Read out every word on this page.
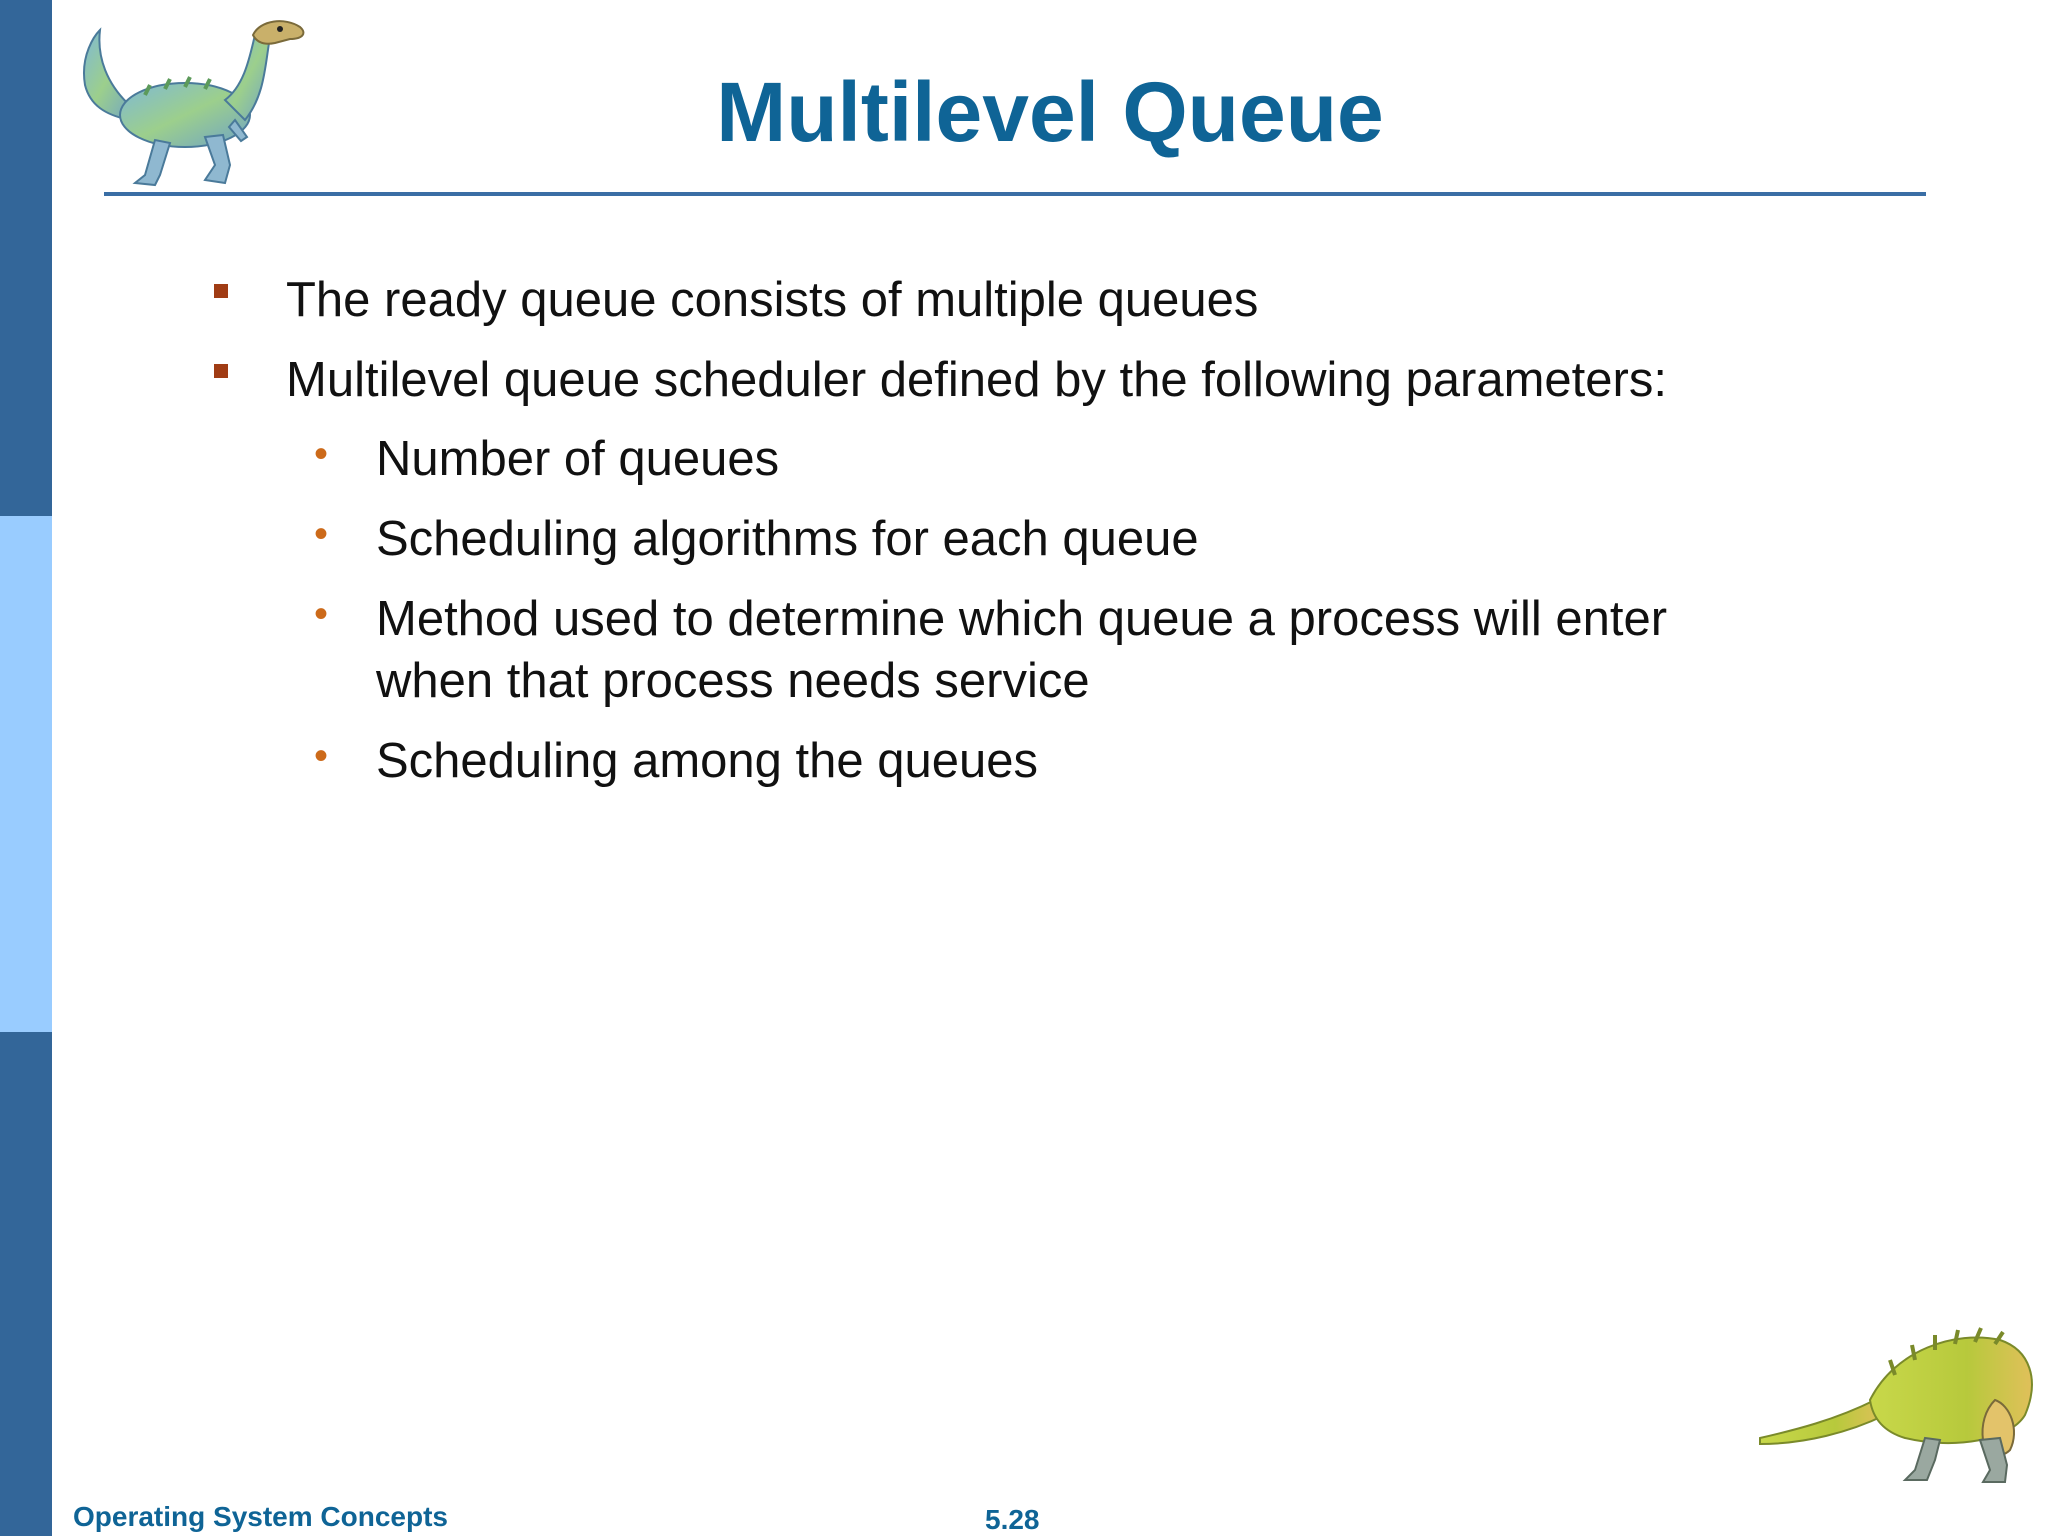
Multilevel Queue
The ready queue consists of multiple queues
Multilevel queue scheduler defined by the following parameters:
• Number of queues
• Scheduling algorithms for each queue
• Method used to determine which queue a process will enter when that process needs service
• Scheduling among the queues
Operating System Concepts	5.28
